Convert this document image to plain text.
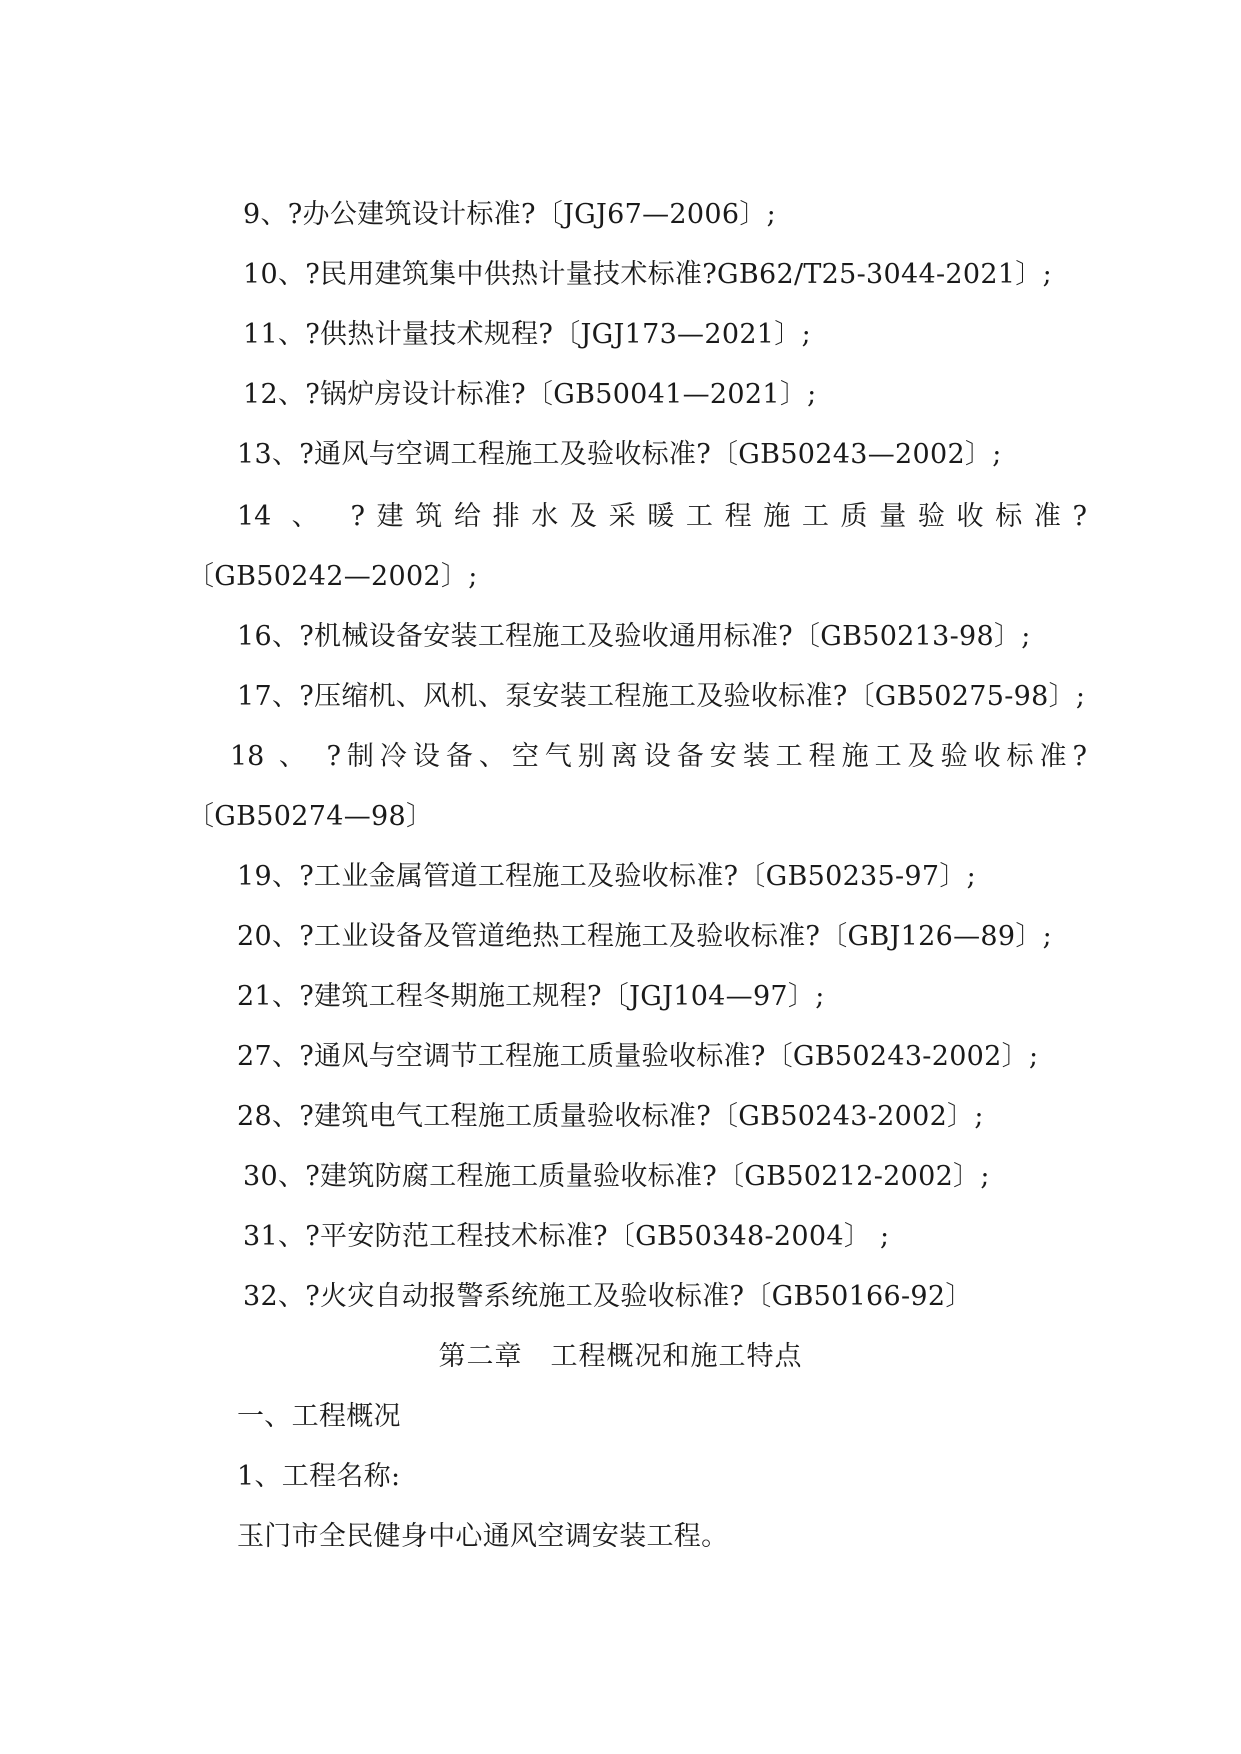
9、?办公建筑设计标准?〔JGJ67—2006〕;
10、?民用建筑集中供热计量技术标准?GB62/T25-3044-2021〕;
11、?供热计量技术规程?〔JGJ173—2021〕;
12、?锅炉房设计标准?〔GB50041—2021〕;
13、?通风与空调工程施工及验收标准?〔GB50243—2002〕;
14 、 ?建筑给排水及采暖工程施工质量验收标准?
〔GB50242—2002〕;
16、?机械设备安装工程施工及验收通用标准?〔GB50213-98〕;
17、?压缩机、风机、泵安装工程施工及验收标准?〔GB50275-98〕;
18 、 ?制冷设备、空气别离设备安装工程施工及验收标准?
〔GB50274—98〕
19、?工业金属管道工程施工及验收标准?〔GB50235-97〕;
20、?工业设备及管道绝热工程施工及验收标准?〔GBJ126—89〕;
21、?建筑工程冬期施工规程?〔JGJ104—97〕;
27、?通风与空调节工程施工质量验收标准?〔GB50243-2002〕;
28、?建筑电气工程施工质量验收标准?〔GB50243-2002〕;
30、?建筑防腐工程施工质量验收标准?〔GB50212-2002〕;
31、?平安防范工程技术标准?〔GB50348-2004〕 ;
32、?火灾自动报警系统施工及验收标准?〔GB50166-92〕
第二章　工程概况和施工特点
一、工程概况
1、工程名称:
玉门市全民健身中心通风空调安装工程。
